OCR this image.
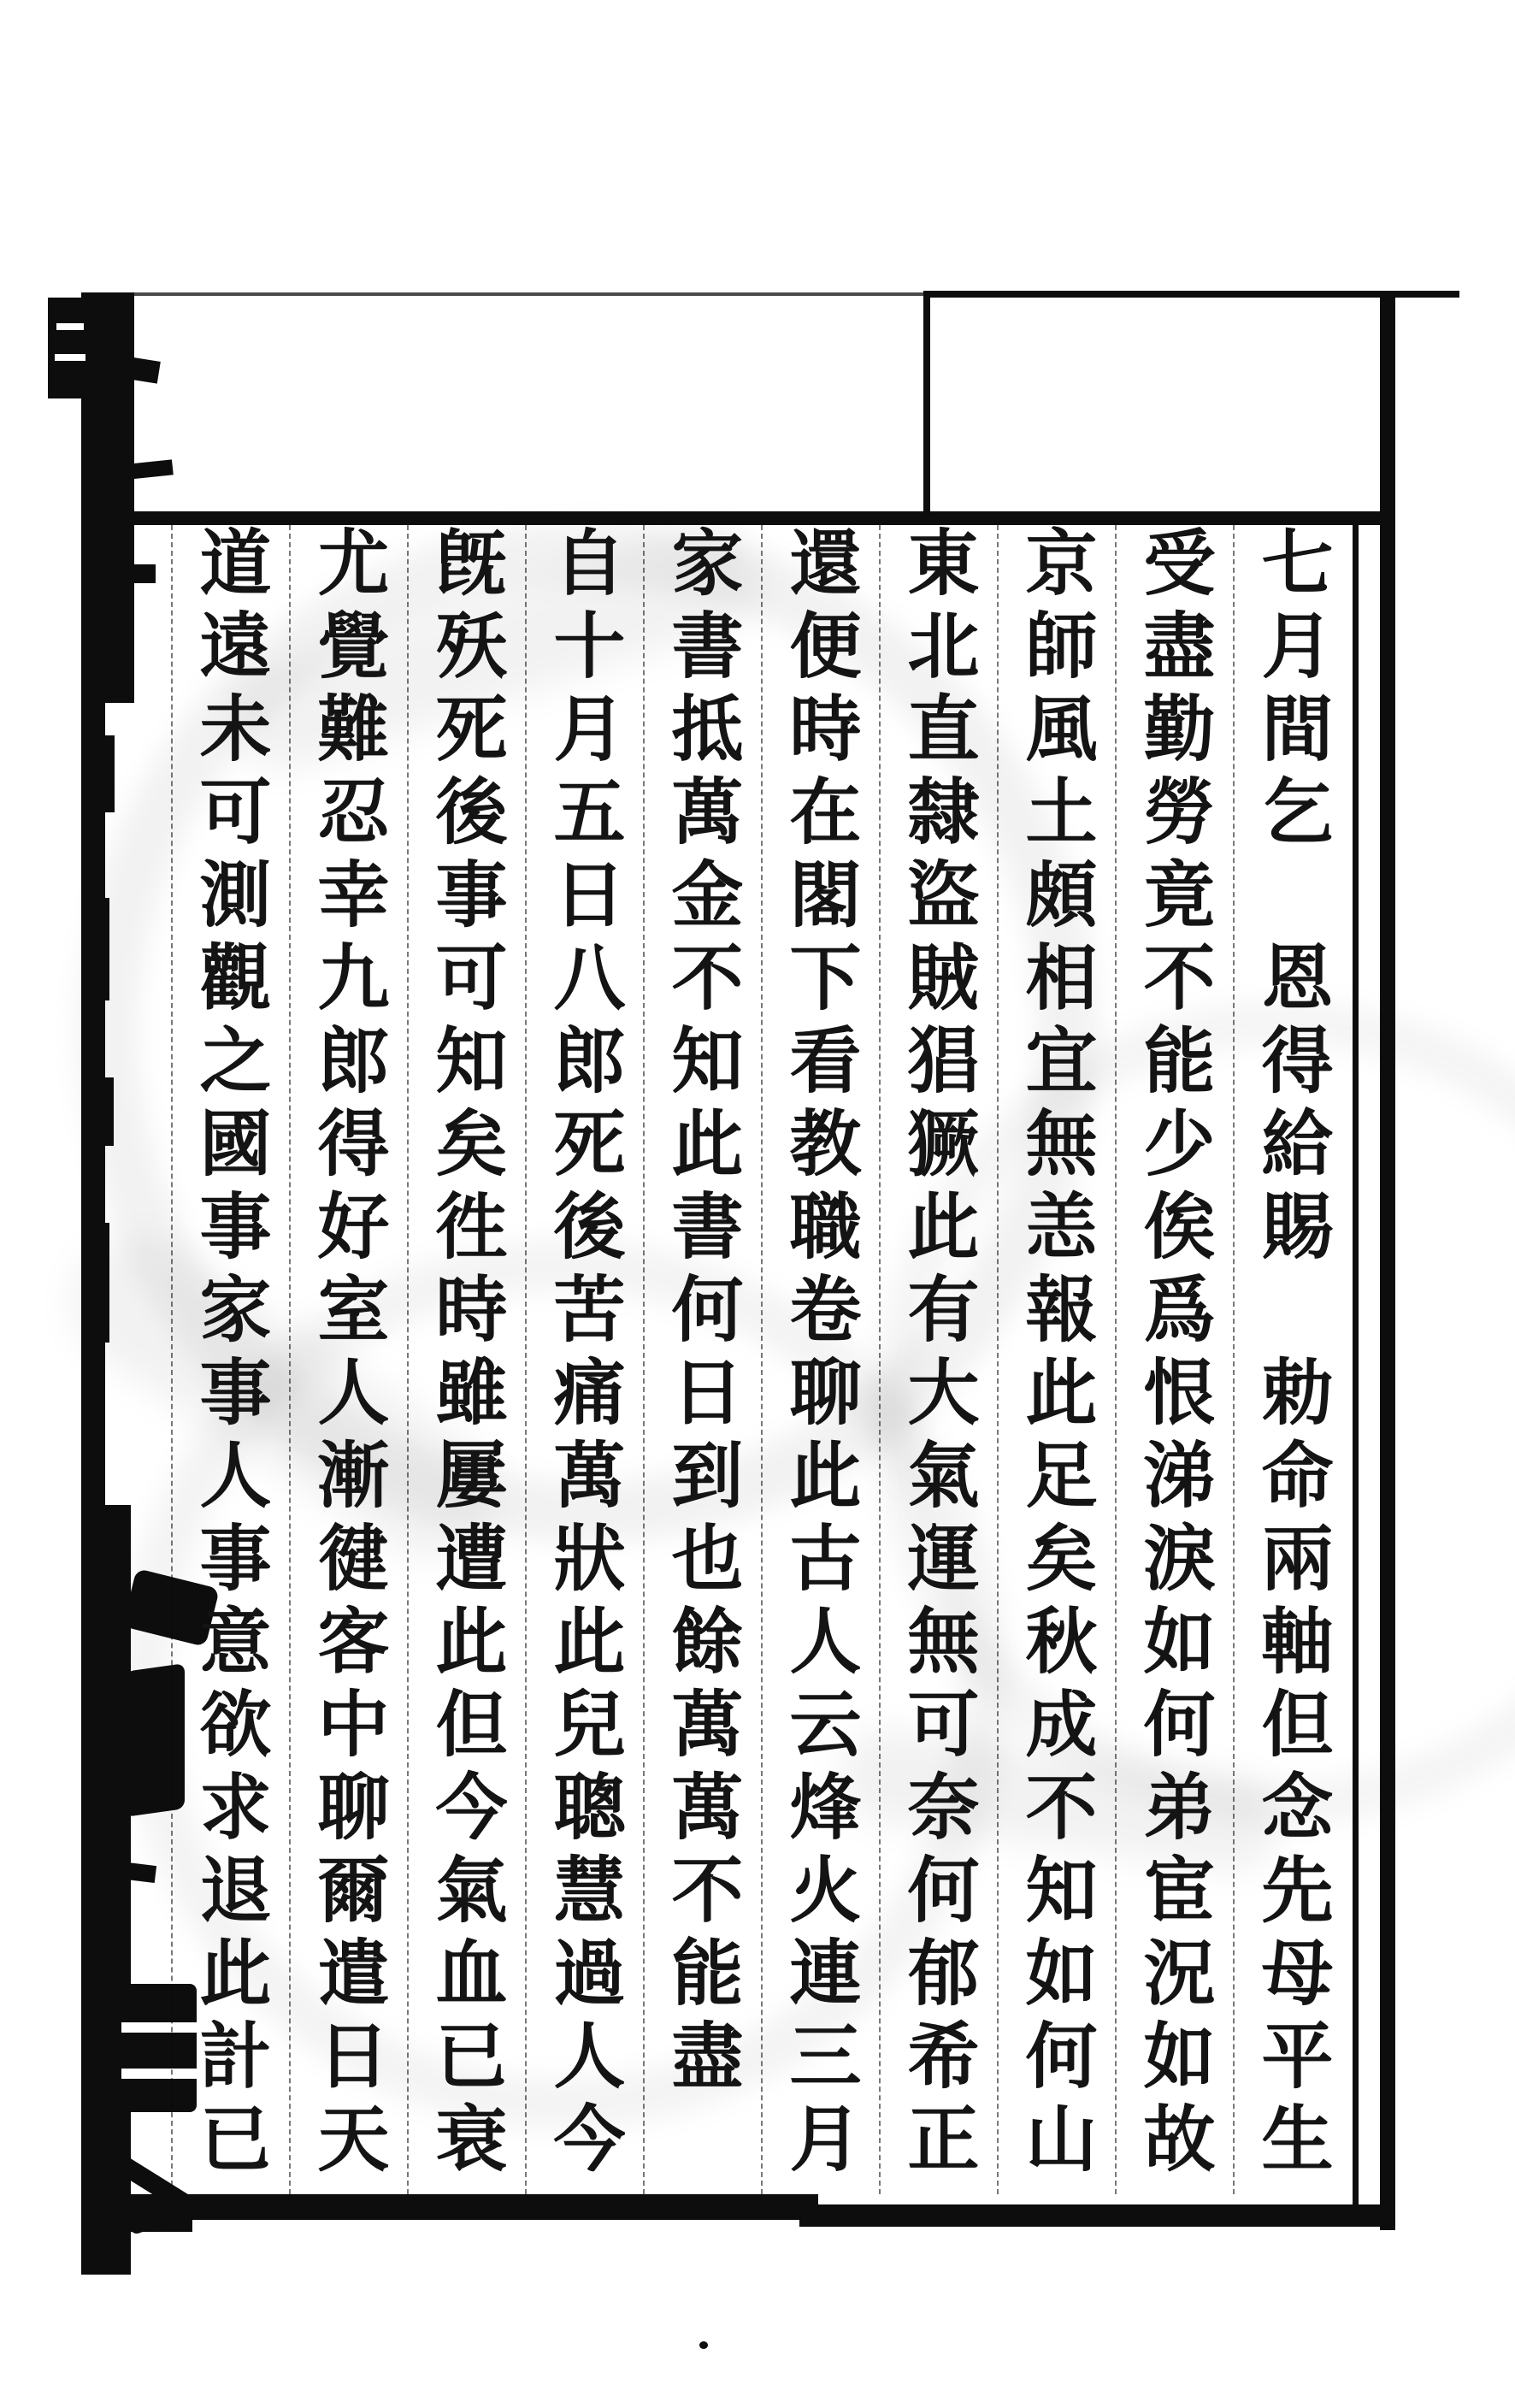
七月間乞　恩得給賜　勅命兩軸但念先母平生
受盡勤勞竟不能少俟爲恨涕淚如何弟宦況如故
京師風土頗相宜無恙報此足矣秋成不知如何山
東北直隸盜賊猖獗此有大氣運無可奈何郁希正
還便時在閣下看教職卷聊此古人云烽火連三月
家書抵萬金不知此書何日到也餘萬萬不能盡
自十月五日八郎死後苦痛萬狀此兒聰慧過人今
旣殀死後事可知矣徃時雖屢遭此但今氣血已衰
尤覺難忍幸九郎得好室人漸徤客中聊爾遣日天
道遠未可測觀之國事家事人事意欲求退此計已
